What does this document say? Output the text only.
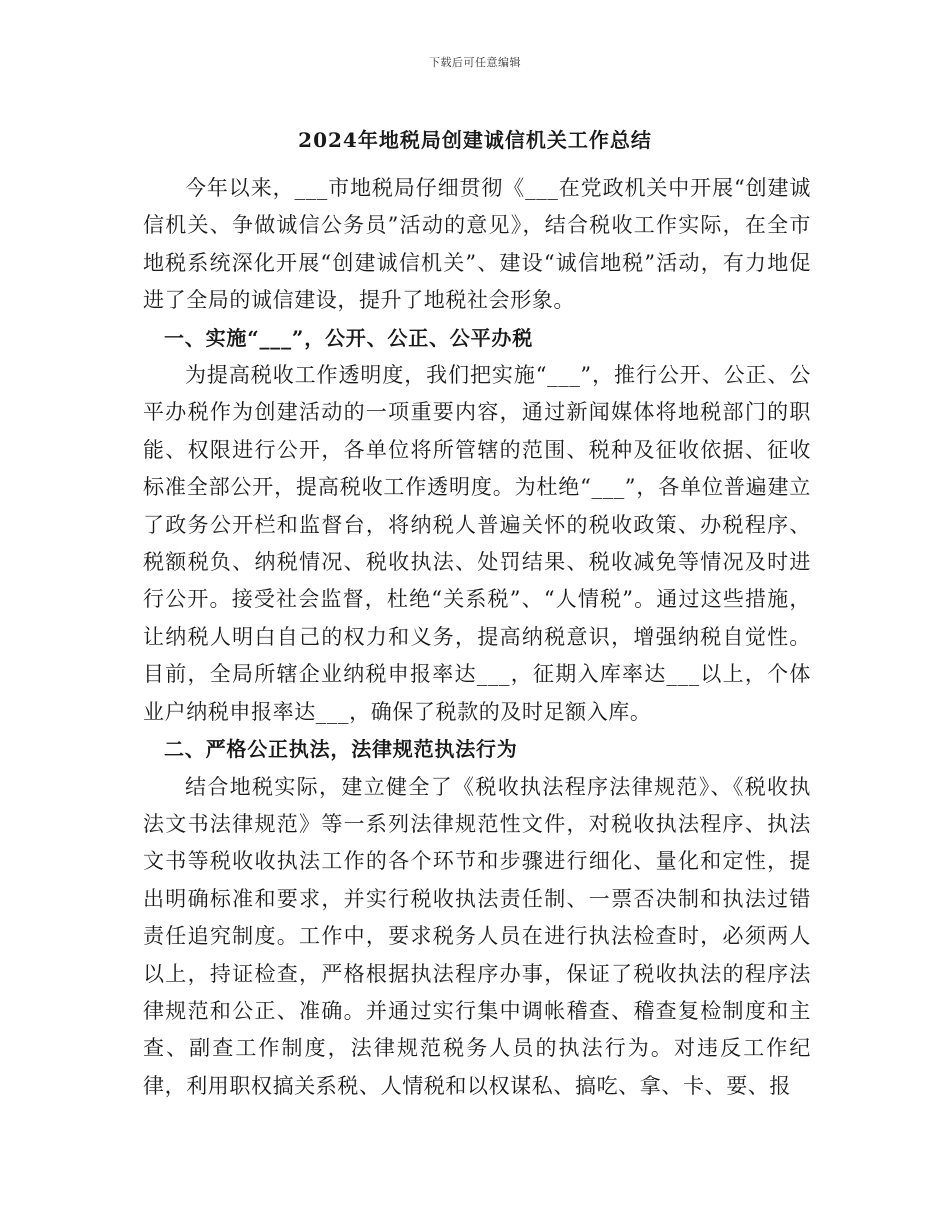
下载后可任意编辑
2024年地税局创建诚信机关工作总结

今年以来，___市地税局仔细贯彻《___在党政机关中开展“创建诚信机关、争做诚信公务员”活动的意见》，结合税收工作实际，在全市地税系统深化开展“创建诚信机关”、建设“诚信地税”活动，有力地促进了全局的诚信建设，提升了地税社会形象。

一、实施“___”，公开、公正、公平办税

为提高税收工作透明度，我们把实施“___”，推行公开、公正、公平办税作为创建活动的一项重要内容，通过新闻媒体将地税部门的职能、权限进行公开，各单位将所管辖的范围、税种及征收依据、征收标准全部公开，提高税收工作透明度。为杜绝“___”，各单位普遍建立了政务公开栏和监督台，将纳税人普遍关怀的税收政策、办税程序、税额税负、纳税情况、税收执法、处罚结果、税收减免等情况及时进行公开。接受社会监督，杜绝“关系税”、“人情税”。通过这些措施，让纳税人明白自己的权力和义务，提高纳税意识，增强纳税自觉性。目前，全局所辖企业纳税申报率达___，征期入库率达___以上，个体业户纳税申报率达___，确保了税款的及时足额入库。

二、严格公正执法，法律规范执法行为

结合地税实际，建立健全了《税收执法程序法律规范》、《税收执法文书法律规范》等一系列法律规范性文件，对税收执法程序、执法文书等税收收执法工作的各个环节和步骤进行细化、量化和定性，提出明确标准和要求，并实行税收执法责任制、一票否决制和执法过错责任追究制度。工作中，要求税务人员在进行执法检查时，必须两人以上，持证检查，严格根据执法程序办事，保证了税收执法的程序法律规范和公正、准确。并通过实行集中调帐稽查、稽查复检制度和主查、副查工作制度，法律规范税务人员的执法行为。对违反工作纪律，利用职权搞关系税、人情税和以权谋私、搞吃、拿、卡、要、报
